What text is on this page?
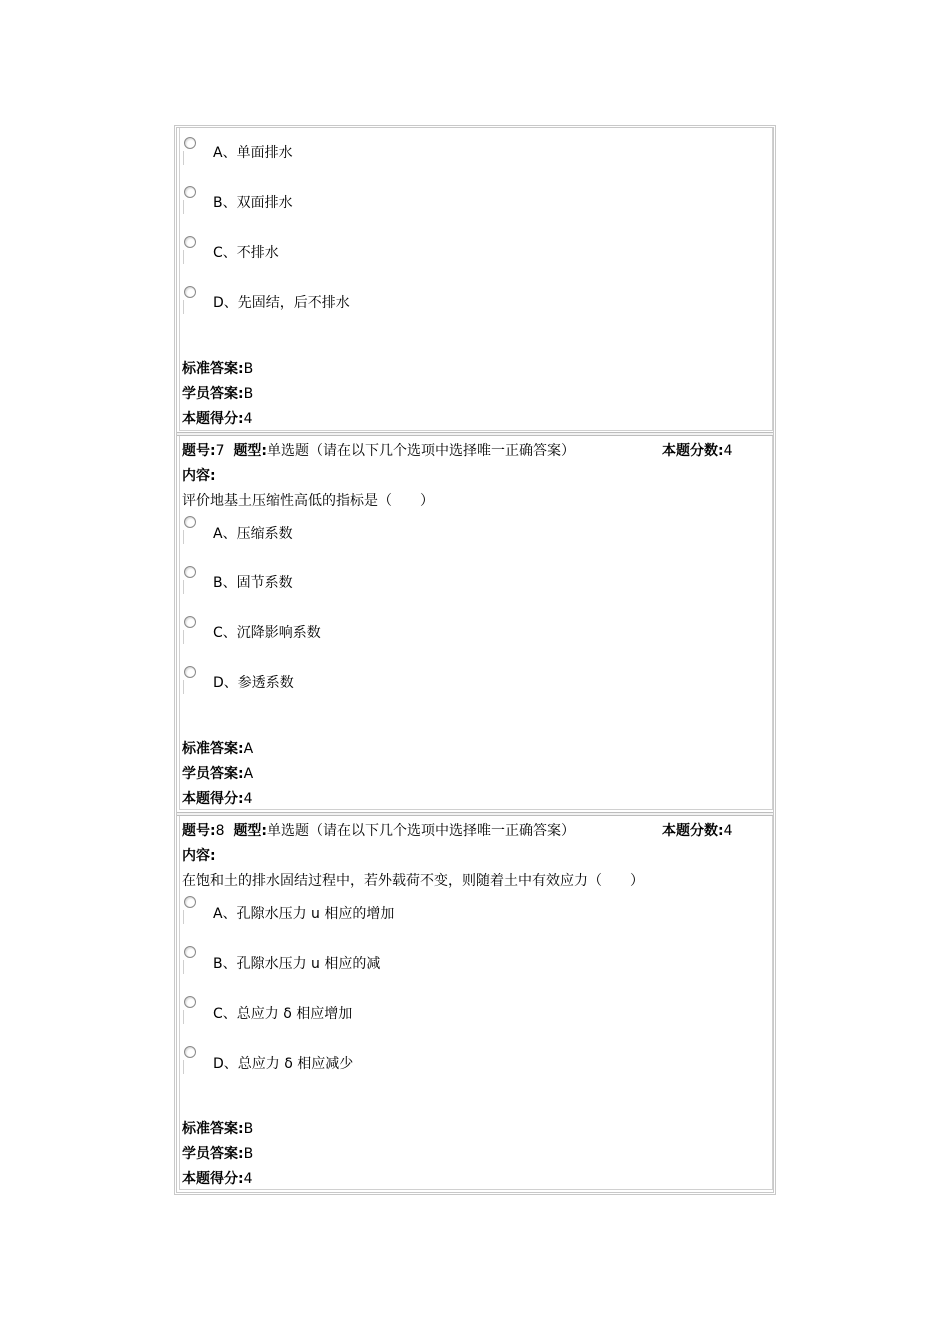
A、单面排水
B、双面排水
C、不排水
D、先固结，后不排水
标准答案:B
学员答案:B
本题得分:4
题号:7 题型:单选题（请在以下几个选项中选择唯一正确答案）	本题分数:4
内容:
评价地基土压缩性高低的指标是（　　）
A、压缩系数
B、固节系数
C、沉降影响系数
D、参透系数
标准答案:A
学员答案:A
本题得分:4
题号:8 题型:单选题（请在以下几个选项中选择唯一正确答案）	本题分数:4
内容:
在饱和土的排水固结过程中，若外载荷不变，则随着土中有效应力（　　）
A、孔隙水压力 u 相应的增加
B、孔隙水压力 u 相应的减
C、总应力 δ 相应增加
D、总应力 δ 相应减少
标准答案:B
学员答案:B
本题得分:4
